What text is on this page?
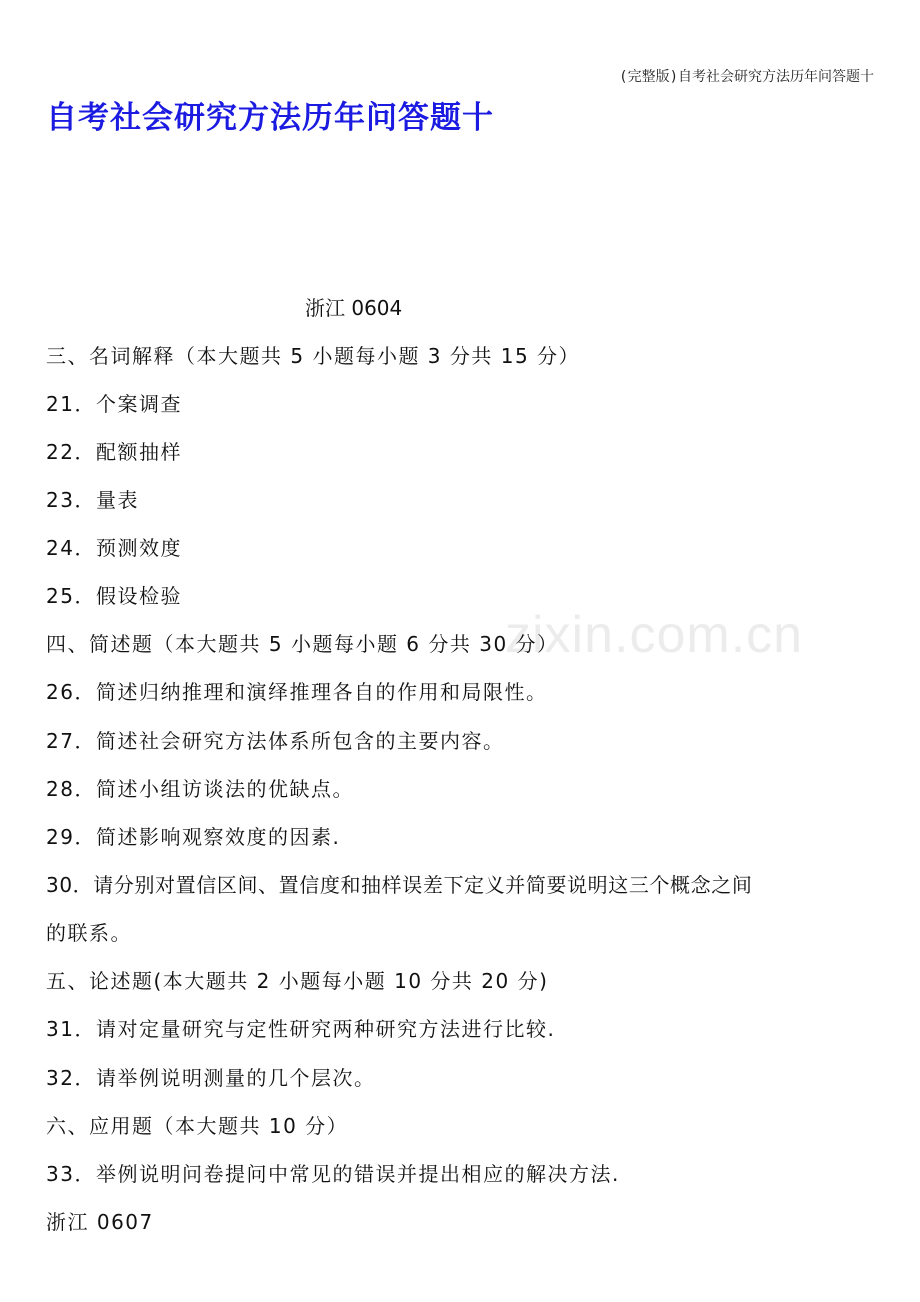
(完整版)自考社会研究方法历年问答题十
自考社会研究方法历年问答题十
zixin.com.cn
浙江 0604
三、名词解释（本大题共 5 小题每小题 3 分共 15 分）
21．个案调查
22．配额抽样
23．量表
24．预测效度
25．假设检验
四、简述题（本大题共 5 小题每小题 6 分共 30 分）
26．简述归纳推理和演绎推理各自的作用和局限性。
27．简述社会研究方法体系所包含的主要内容。
28．简述小组访谈法的优缺点。
29．简述影响观察效度的因素.
30．请分别对置信区间、置信度和抽样误差下定义并简要说明这三个概念之间
的联系。
五、论述题(本大题共 2 小题每小题 10 分共 20 分)
31．请对定量研究与定性研究两种研究方法进行比较.
32．请举例说明测量的几个层次。
六、应用题（本大题共 10 分）
33．举例说明问卷提问中常见的错误并提出相应的解决方法.
浙江 0607
